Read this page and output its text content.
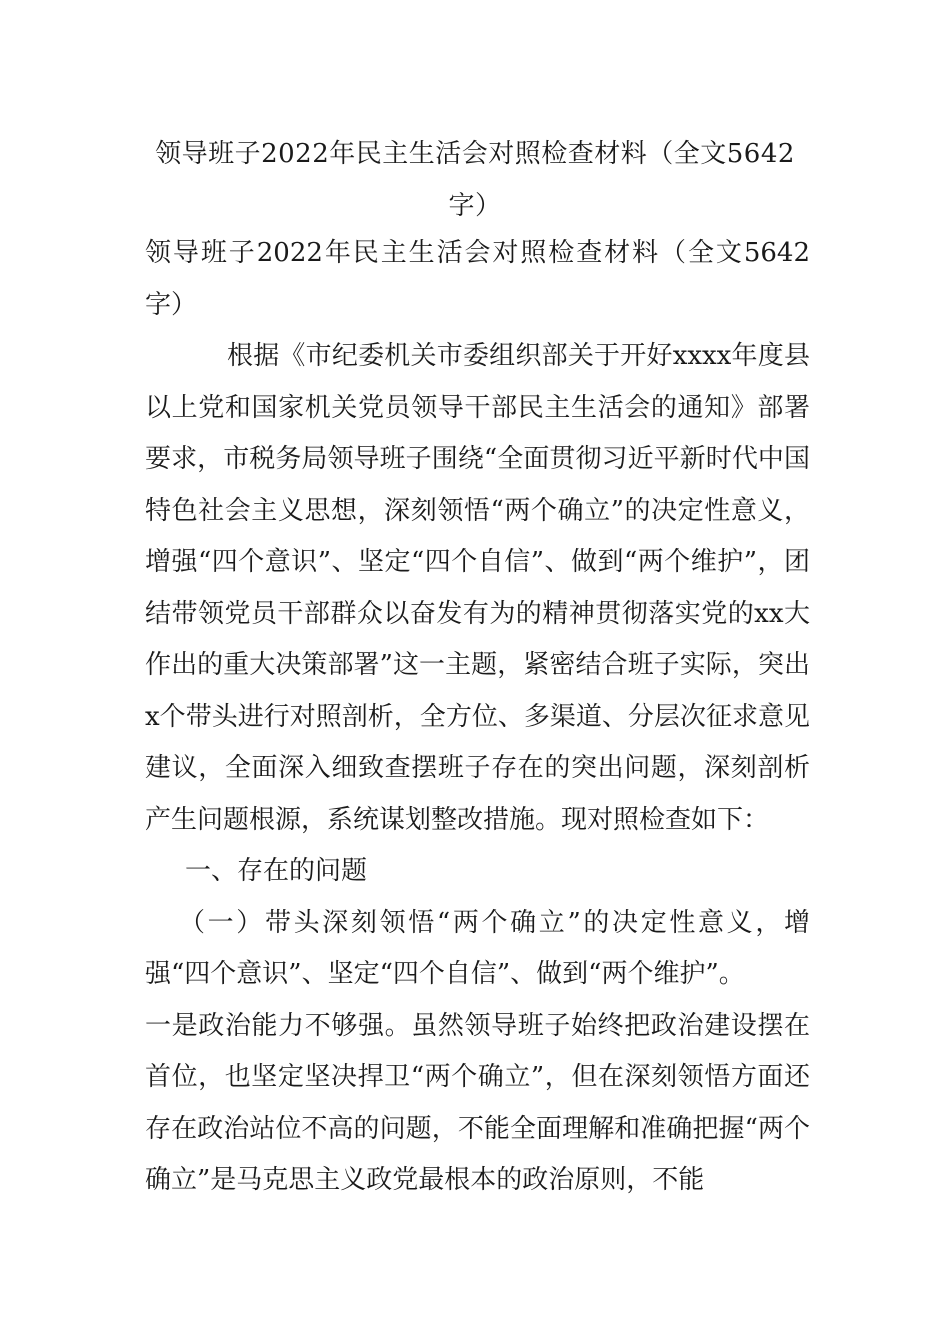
领导班子2022年民主生活会对照检查材料（全文5642字）

领导班子2022年民主生活会对照检查材料（全文5642字）

根据《市纪委机关市委组织部关于开好xxxx年度县以上党和国家机关党员领导干部民主生活会的通知》部署要求，市税务局领导班子围绕“全面贯彻习近平新时代中国特色社会主义思想，深刻领悟“两个确立”的决定性意义，增强“四个意识”、坚定“四个自信”、做到“两个维护”，团结带领党员干部群众以奋发有为的精神贯彻落实党的xx大作出的重大决策部署”这一主题，紧密结合班子实际，突出x个带头进行对照剖析，全方位、多渠道、分层次征求意见建议，全面深入细致查摆班子存在的突出问题，深刻剖析产生问题根源，系统谋划整改措施。现对照检查如下：

一、存在的问题

（一）带头深刻领悟“两个确立”的决定性意义，增强“四个意识”、坚定“四个自信”、做到“两个维护”。

一是政治能力不够强。虽然领导班子始终把政治建设摆在首位，也坚定坚决捍卫“两个确立”，但在深刻领悟方面还存在政治站位不高的问题，不能全面理解和准确把握“两个确立”是马克思主义政党最根本的政治原则，不能
